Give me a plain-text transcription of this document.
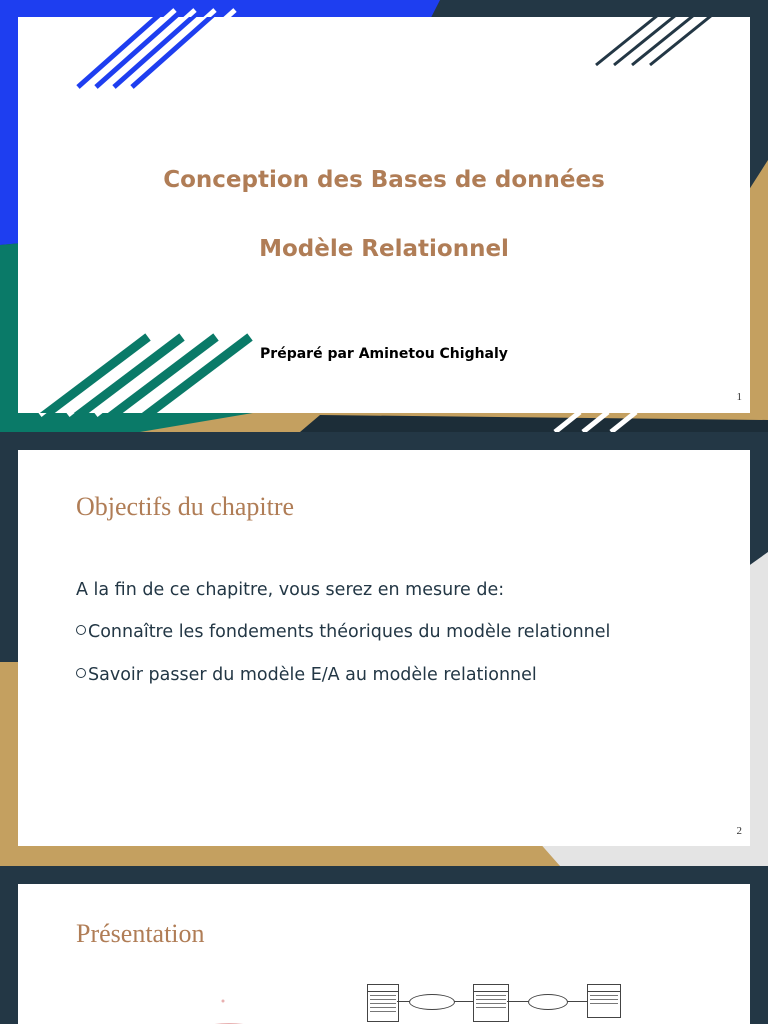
Conception des Bases de données
Modèle Relationnel
Préparé par Aminetou Chighaly
1
Objectifs du chapitre
A la fin de ce chapitre, vous serez en mesure de:
Connaître les fondements théoriques du modèle relationnel
Savoir passer du modèle E/A au modèle relationnel
2
Présentation
